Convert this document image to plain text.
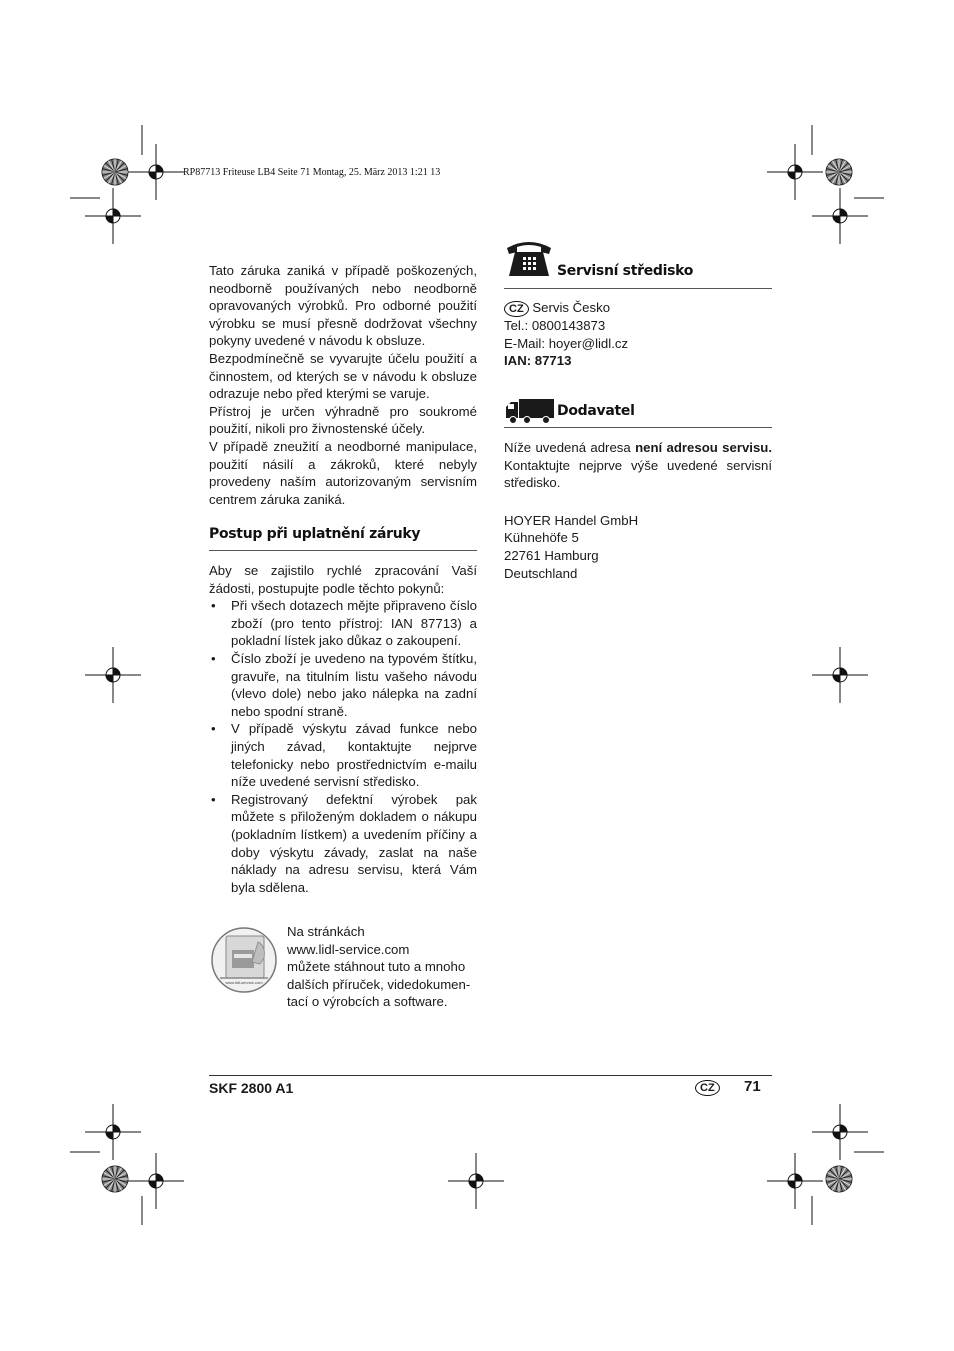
RP87713 Friteuse LB4 Seite 71 Montag, 25. März 2013 1:21 13

Tato záruka zaniká v případě poškozených, neodborně používaných nebo neodborně opravovaných výrobků. Pro odborné použití výrobku se musí přesně dodržovat všechny pokyny uvedené v návodu k obsluze.

Bezpodmínečně se vyvarujte účelu použití a činnostem, od kterých se v návodu k obsluze odrazuje nebo před kterými se varuje.

Přístroj je určen výhradně pro soukromé použití, nikoli pro živnostenské účely.

V případě zneužití a neodborné manipulace, použití násilí a zákroků, které nebyly provedeny naším autorizovaným servisním centrem záruka zaniká.

Postup při uplatnění záruky

Aby se zajistilo rychlé zpracování Vaší žádosti, postupujte podle těchto pokynů:

• Při všech dotazech mějte připraveno číslo zboží (pro tento přístroj: IAN 87713) a pokladní lístek jako důkaz o zakoupení.
• Číslo zboží je uvedeno na typovém štítku, gravuře, na titulním listu vašeho návodu (vlevo dole) nebo jako nálepka na zadní nebo spodní straně.
• V případě výskytu závad funkce nebo jiných závad, kontaktujte nejprve telefonicky nebo prostřednictvím e-mailu níže uvedené servisní středisko.
• Registrovaný defektní výrobek pak můžete s přiloženým dokladem o nákupu (pokladním lístkem) a uvedením příčiny a doby výskytu závady, zaslat na naše náklady na adresu servisu, která Vám byla sdělena.
www.lidl-service.com
Na stránkách
www.lidl-service.com
můžete stáhnout tuto a mnoho
dalších příruček, videdokumen-
tací o výrobcích a software.
Servisní středisko
CZ Servis Česko
Tel.: 0800143873
E-Mail: hoyer@lidl.cz
IAN: 87713
Dodavatel

Níže uvedená adresa není adresou servisu. Kontaktujte nejprve výše uvedené servisní středisko.

HOYER Handel GmbH
Kühnehöfe 5
22761 Hamburg
Deutschland
SKF 2800 A1	CZ	71
